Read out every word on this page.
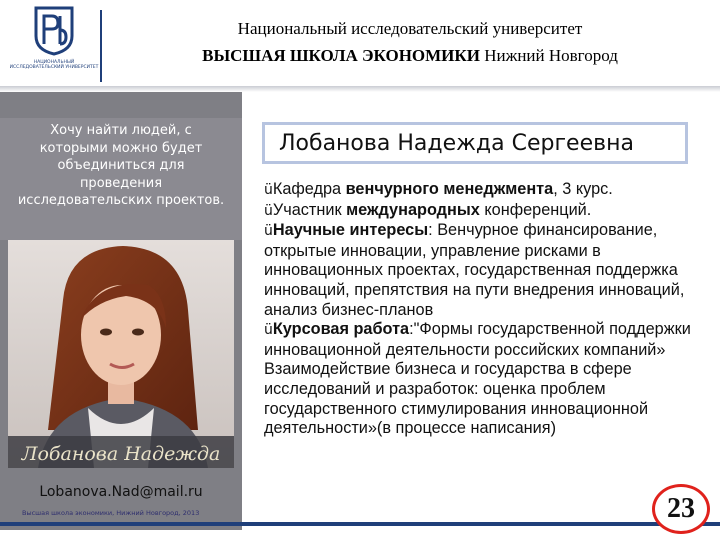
НАЦИОНАЛЬНЫЙ ИССЛЕДОВАТЕЛЬСКИЙ УНИВЕРСИТЕТ
Национальный исследовательский университет
ВЫСШАЯ ШКОЛА ЭКОНОМИКИ Нижний Новгород
Хочу найти людей, с
которыми можно будет
объединиться для
проведения
исследовательских проектов.
Лобанова Надежда
Lobanova.Nad@mail.ru
Высшая школа экономики, Нижний Новгород, 2013
Лобанова Надежда Сергеевна
üКафедра венчурного менеджмента, 3 курс.
üУчастник международных конференций.
üНаучные интересы: Венчурное финансирование, открытые инновации, управление рисками в инновационных проектах, государственная поддержка инноваций, препятствия на пути внедрения инноваций, анализ бизнес-планов
üКурсовая работа:"Формы государственной поддержки инновационной деятельности российских компаний» Взаимодействие бизнеса и государства в сфере исследований и разработок: оценка проблем государственного стимулирования инновационной деятельности»(в процессе написания)
23
